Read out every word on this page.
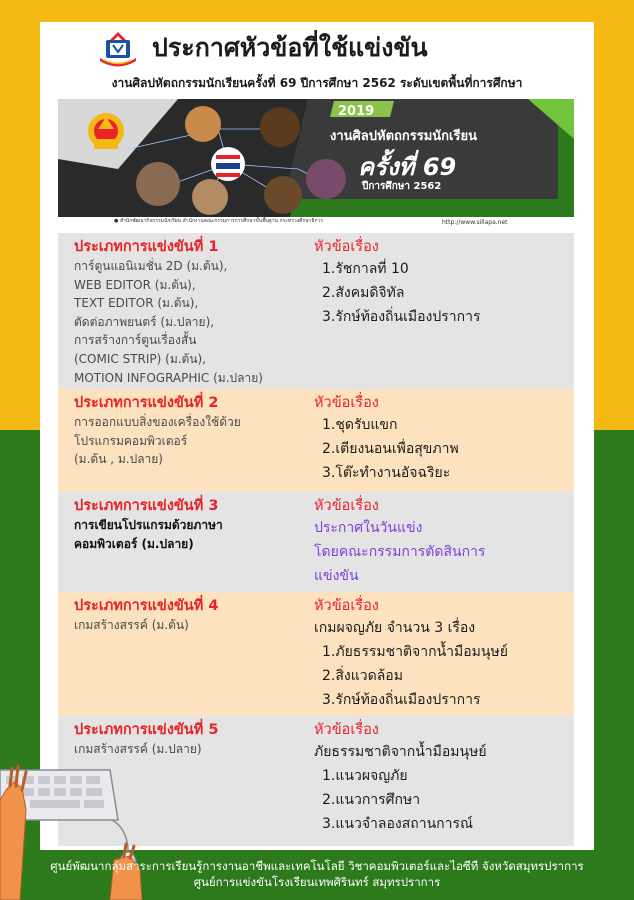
ประกาศหัวข้อที่ใช้แข่งขัน
งานศิลปหัตถกรรมนักเรียนครั้งที่ 69 ปีการศึกษา 2562 ระดับเขตพื้นที่การศึกษา
2019
งานศิลปหัตถกรรมนักเรียน
ครั้งที่ 69
ปีการศึกษา 2562
● สำนักพัฒนากิจกรรมนักเรียน สำนักงานคณะกรรมการการศึกษาขั้นพื้นฐาน กระทรวงศึกษาธิการ	http://www.sillapa.net
ประเภทการแข่งขันที่ 1
การ์ตูนแอนิเมชั่น 2D (ม.ต้น),
WEB EDITOR (ม.ต้น),
TEXT EDITOR (ม.ต้น),
ตัดต่อภาพยนตร์ (ม.ปลาย),
การสร้างการ์ตูนเรื่องสั้น
(COMIC STRIP) (ม.ต้น),
MOTION INFOGRAPHIC (ม.ปลาย)
หัวข้อเรื่อง
1.รัชกาลที่ 10
2.สังคมดิจิทัล
3.รักษ์ท้องถิ่นเมืองปราการ
ประเภทการแข่งขันที่ 2
การออกแบบสิ่งของเครื่องใช้ด้วย
โปรแกรมคอมพิวเตอร์
(ม.ต้น , ม.ปลาย)
หัวข้อเรื่อง
1.ชุดรับแขก
2.เตียงนอนเพื่อสุขภาพ
3.โต๊ะทำงานอัจฉริยะ
ประเภทการแข่งขันที่ 3
การเขียนโปรแกรมด้วยภาษา
คอมพิวเตอร์ (ม.ปลาย)
หัวข้อเรื่อง
ประกาศในวันแข่ง
โดยคณะกรรมการตัดสินการ
แข่งขัน
ประเภทการแข่งขันที่ 4
เกมสร้างสรรค์ (ม.ต้น)
หัวข้อเรื่อง
เกมผจญภัย จำนวน 3 เรื่อง
1.ภัยธรรมชาติจากน้ำมือมนุษย์
2.สิ่งแวดล้อม
3.รักษ์ท้องถิ่นเมืองปราการ
ประเภทการแข่งขันที่ 5
เกมสร้างสรรค์ (ม.ปลาย)
หัวข้อเรื่อง
ภัยธรรมชาติจากน้ำมือมนุษย์
1.แนวผจญภัย
2.แนวการศึกษา
3.แนวจำลองสถานการณ์
ศูนย์พัฒนากลุ่มสาระการเรียนรู้การงานอาชีพและเทคโนโลยี วิชาคอมพิวเตอร์และไอซีที จังหวัดสมุทรปราการ
ศูนย์การแข่งขันโรงเรียนเทพศิรินทร์ สมุทรปราการ
